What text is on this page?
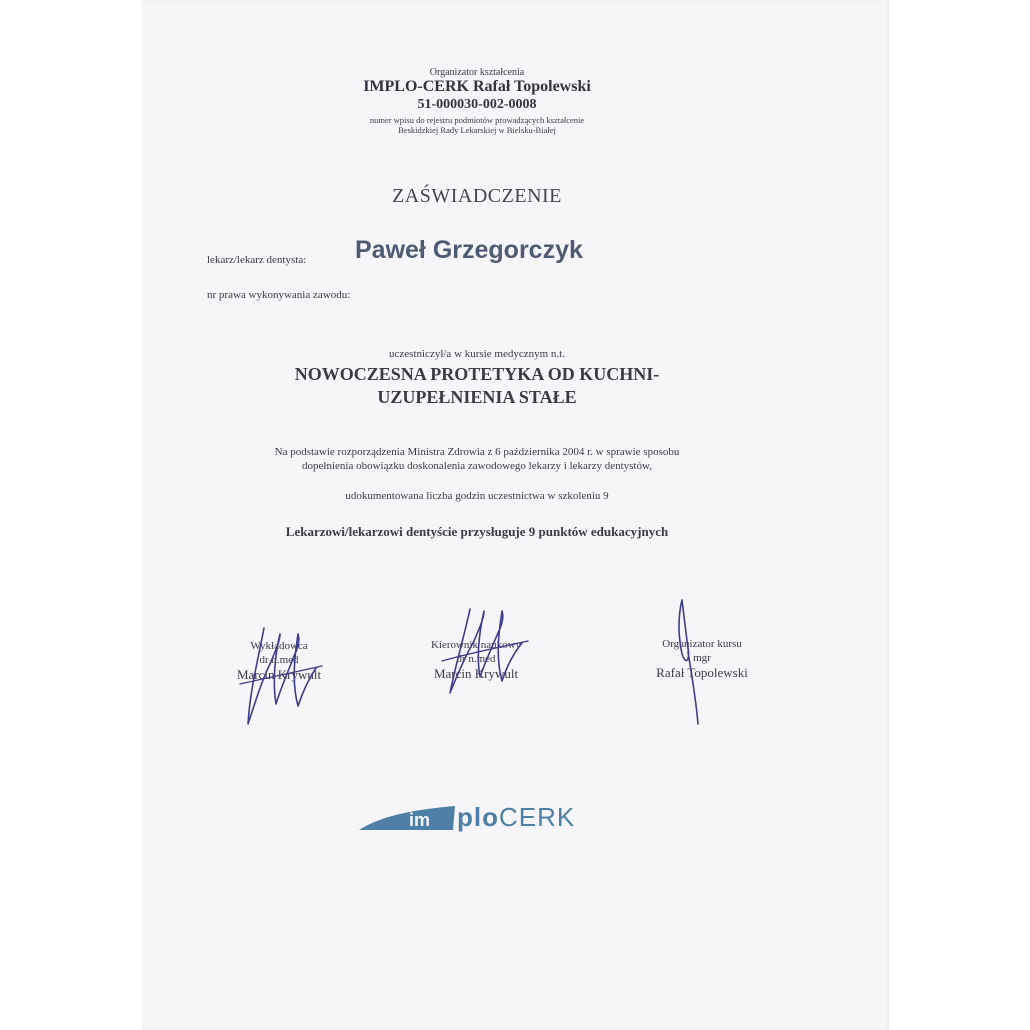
Organizator kształcenia
IMPLO-CERK Rafał Topolewski
51-000030-002-0008
numer wpisu do rejestru podmiotów prowadzących kształcenie
Beskidzkiej Rady Lekarskiej w Bielsku-Białej
ZAŚWIADCZENIE
lekarz/lekarz dentysta: Paweł Grzegorczyk
nr prawa wykonywania zawodu:
uczestniczył/a w kursie medycznym n.t.
NOWOCZESNA PROTETYKA OD KUCHNI-
UZUPEŁNIENIA STAŁE
Na podstawie rozporządzenia Ministra Zdrowia z 6 października 2004 r. w sprawie sposobu
dopełnienia obowiązku doskonalenia zawodowego lekarzy i lekarzy dentystów,
udokumentowana liczba godzin uczestnictwa w szkoleniu 9
Lekarzowi/lekarzowi dentyście przysługuje 9 punktów edukacyjnych
Wykładowca
dr n.med
Marcin Krywult
Kierownik naukowy
dr n.med
Marcin Krywult
Organizator kursu
mgr
Rafał Topolewski
im ploCERK
